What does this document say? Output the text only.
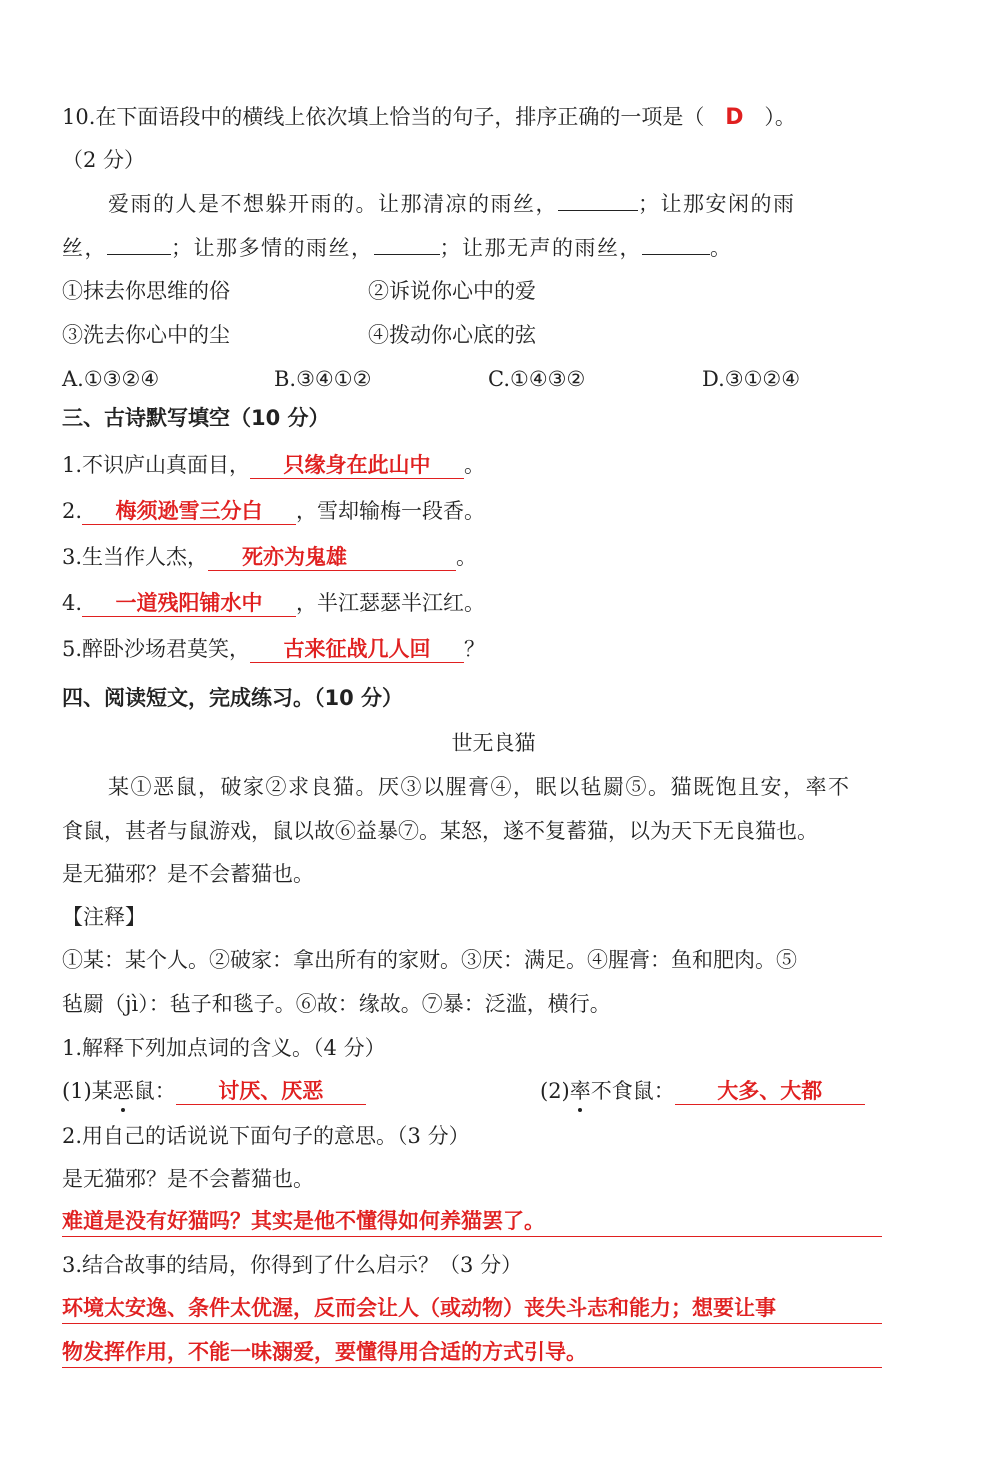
10.在下面语段中的横线上依次填上恰当的句子，排序正确的一项是（ D ）。
（2 分）
爱雨的人是不想躲开雨的。让那清凉的雨丝，	；让那安闲的雨
丝，	；让那多情的雨丝，	；让那无声的雨丝，	。
①抹去你思维的俗	②诉说你心中的爱
③洗去你心中的尘	④拨动你心底的弦
A.①③②④	B.③④①②	C.①④③②	D.③①②④
三、古诗默写填空（10 分）
1.不识庐山真面目， 只缘身在此山中 。
2. 梅须逊雪三分白 ，雪却输梅一段香。
3.生当作人杰， 死亦为鬼雄	。
4. 一道残阳铺水中 ，半江瑟瑟半江红。
5.醉卧沙场君莫笑， 古来征战几人回 ？
四、阅读短文，完成练习。（10 分）
世无良猫
某①恶鼠，破家②求良猫。厌③以腥膏④，眠以毡罽⑤。猫既饱且安，率不
食鼠，甚者与鼠游戏，鼠以故⑥益暴⑦。某怒，遂不复蓄猫，以为天下无良猫也。
是无猫邪？是不会蓄猫也。
【注释】
①某：某个人。②破家：拿出所有的家财。③厌：满足。④腥膏：鱼和肥肉。⑤
毡罽（jì）：毡子和毯子。⑥故：缘故。⑦暴：泛滥，横行。
1.解释下列加点词的含义。（4 分）
(1)某恶鼠： 讨厌、厌恶	(2)率不食鼠： 大多、大都
2.用自己的话说说下面句子的意思。（3 分）
是无猫邪？是不会蓄猫也。
难道是没有好猫吗？其实是他不懂得如何养猫罢了。
3.结合故事的结局，你得到了什么启示？（3 分）
环境太安逸、条件太优渥，反而会让人（或动物）丧失斗志和能力；想要让事
物发挥作用，不能一味溺爱，要懂得用合适的方式引导。
